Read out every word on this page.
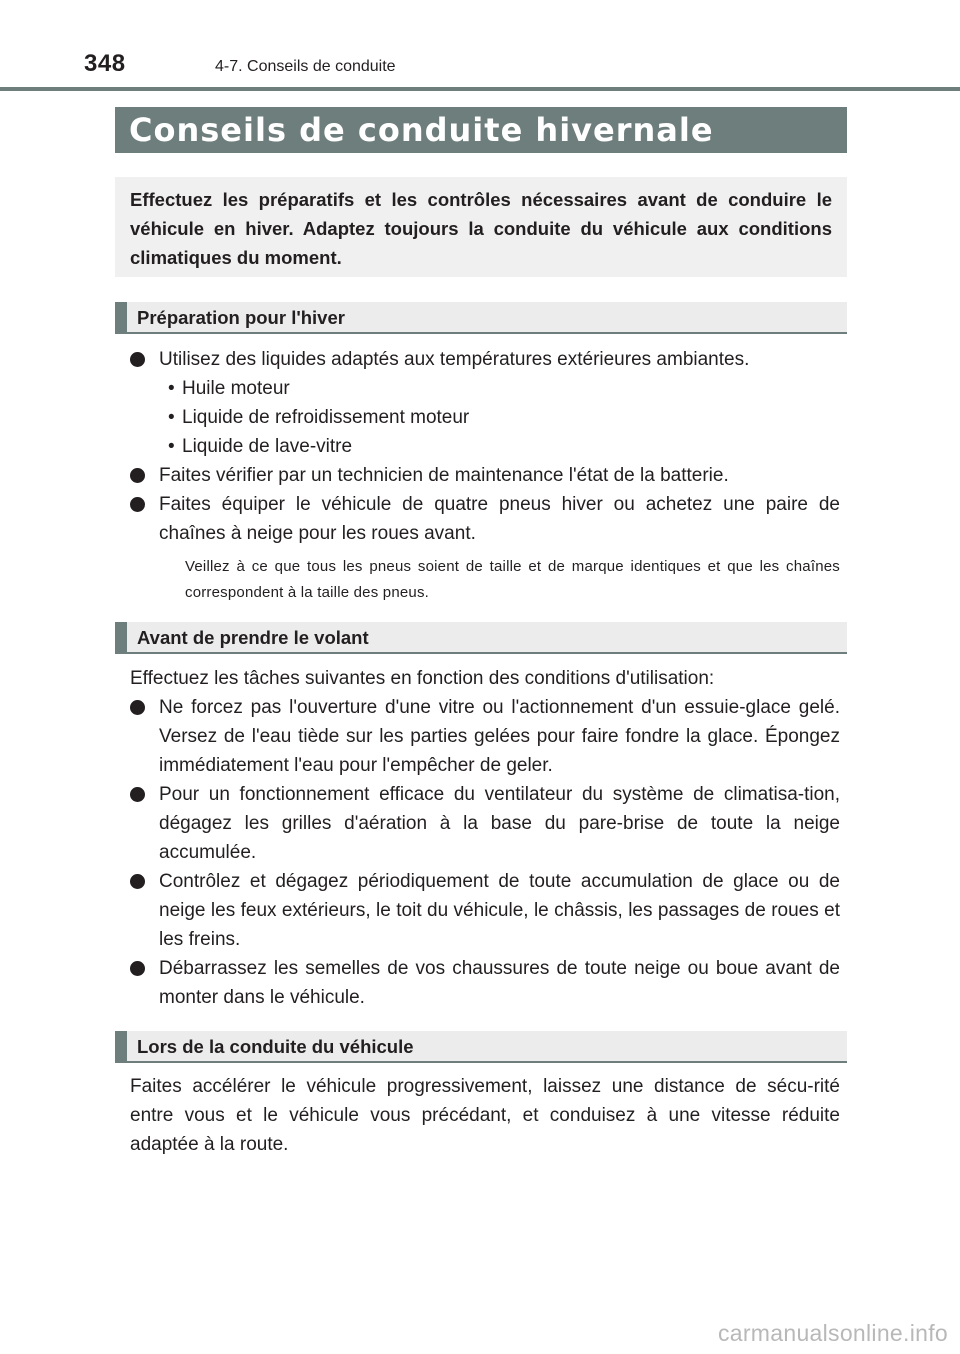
348	4-7. Conseils de conduite
Conseils de conduite hivernale
Effectuez les préparatifs et les contrôles nécessaires avant de conduire le véhicule en hiver. Adaptez toujours la conduite du véhicule aux conditions climatiques du moment.
Préparation pour l'hiver

Utilisez des liquides adaptés aux températures extérieures ambiantes.

• Huile moteur

• Liquide de refroidissement moteur

• Liquide de lave-vitre

Faites vérifier par un technicien de maintenance l'état de la batterie.

Faites équiper le véhicule de quatre pneus hiver ou achetez une paire de chaînes à neige pour les roues avant.

Veillez à ce que tous les pneus soient de taille et de marque identiques et que les chaînes correspondent à la taille des pneus.

Avant de prendre le volant

Effectuez les tâches suivantes en fonction des conditions d'utilisation:

Ne forcez pas l'ouverture d'une vitre ou l'actionnement d'un essuie-glace gelé. Versez de l'eau tiède sur les parties gelées pour faire fondre la glace. Épongez immédiatement l'eau pour l'empêcher de geler.

Pour un fonctionnement efficace du ventilateur du système de climatisa-tion, dégagez les grilles d'aération à la base du pare-brise de toute la neige accumulée.

Contrôlez et dégagez périodiquement de toute accumulation de glace ou de neige les feux extérieurs, le toit du véhicule, le châssis, les passages de roues et les freins.

Débarrassez les semelles de vos chaussures de toute neige ou boue avant de monter dans le véhicule.

Lors de la conduite du véhicule

Faites accélérer le véhicule progressivement, laissez une distance de sécu-rité entre vous et le véhicule vous précédant, et conduisez à une vitesse réduite adaptée à la route.

carmanualsonline.info
